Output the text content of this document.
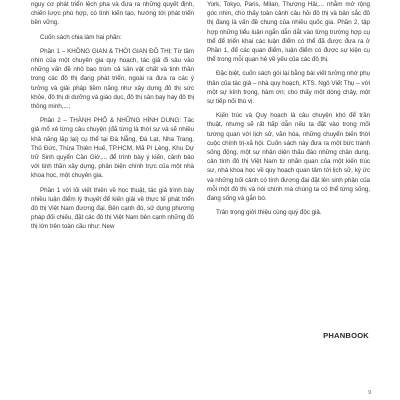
nguy cơ phát triển lệch pha và đưa ra những quyết định, chiến lược phù hợp, có tính kiến tạo, hướng tới phát triển bền vững.

Cuốn sách chia làm hai phần:

Phần 1 – KHÔNG GIAN & THỜI GIAN ĐÔ THỊ: Từ tầm nhìn của một chuyên gia quy hoạch, tác giả đi sâu vào những vấn đề nhỏ bao trùm cả sân vật chất và tinh thần trong các đô thị đang phát triển, ngoài ra đưa ra các ý tưởng và giải pháp tiềm năng như xây dựng đô thị sức khỏe, đô thị di dưỡng và giáo dục, đô thị sân bay hay đô thị thông minh,...;

Phần 2 – THÀNH PHỐ & NHỮNG HÌNH DUNG: Tác giả mổ xẻ từng câu chuyện (đã từng là thời sự và sẽ nhiều khả năng lặp lại) cụ thể tại Đà Nẵng, Đà Lạt, Nha Trang, Thủ Đức, Thừa Thiên Huế, TP.HCM, Mã Pì Lèng, Khu Dự trữ Sinh quyển Cần Giờ,... để trình bày ý kiến, cảnh báo với tinh thần xây dựng, phản biện chính trực của một nhà khoa học, một chuyên gia.

Phần 1 với lối viết thiên về học thuật, tác giả trình bày nhiều luận điểm lý thuyết để kiến giải về thực tế phát triển đô thị Việt Nam đương đại. Bên cạnh đó, sử dụng phương pháp đối chiếu, đặt các đô thị Việt Nam bên cạnh những đô thị lớn trên toàn cầu như: New

York, Tokyo, Paris, Milan, Thượng Hải,... nhằm mở rộng góc nhìn, cho thấy toàn cảnh câu hỏi đô thị và bản sắc đô thị đang là vấn đề chung của nhiều quốc gia. Phần 2, tập hợp những tiểu luận ngắn dẫn dắt vào từng trường hợp cụ thể để triển khai các luận điểm có thể đã được đưa ra ở Phần 1, để các quan điểm, luận điểm có được sự kiện cụ thể trong mỗi quan hệ về yếu của các đô thị.

Đặc biệt, cuốn sách gói lại bằng bài viết tưởng nhớ phụ thân của tác giả – nhà quy hoạch, KTS. Ngô Viết Thụ – với một sự kính trọng, hàm ơn; cho thấy một dòng chảy, một sự tiếp nối thú vị.

Kiến trúc và Quy hoạch là câu chuyện khó để trần thuật, nhưng sẽ rất hấp dẫn nếu ta đặt vào trong mối tương quan với lịch sử, văn hóa, những chuyển biến thời cuộc chính trị-xã hội. Cuốn sách này đưa ra một bức tranh sống động, một sự nhận diện thấu đáo những chân dung, cản tính đô thị Việt Nam từ nhãn quan của một kiến trúc sư, nhà khoa học về quy hoạch quan tâm tới lịch sử, ký ức và những bối cảnh có tính đương đại đặt lên sinh phận của mỗi một đô thị và nói chính mà chúng ta có thể từng sống, đang sống và gắn bó.

Trân trọng giới thiệu cùng quý độc giả.

PHANBOOK
9
